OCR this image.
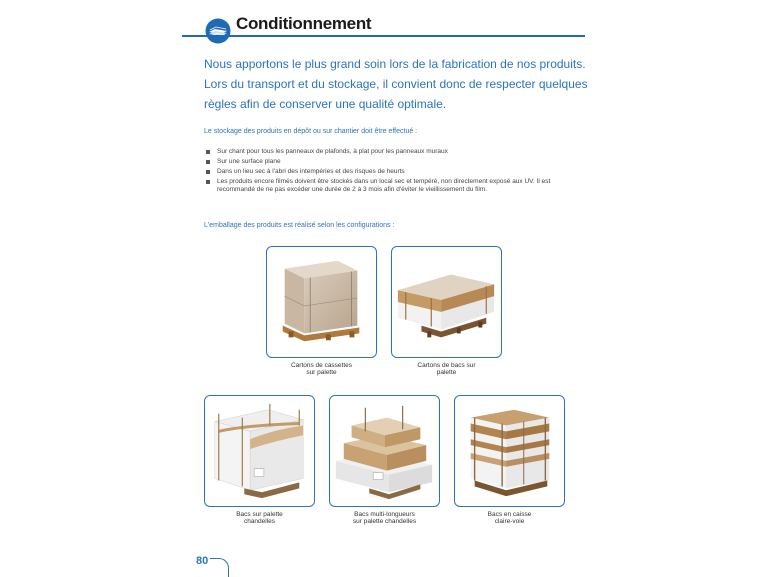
Conditionnement

Nous apportons le plus grand soin lors de la fabrication de nos produits.
Lors du transport et du stockage, il convient donc de respecter quelques
règles afin de conserver une qualité optimale.

Le stockage des produits en dépôt ou sur chantier doit être effectué :

Sur chant pour tous les panneaux de plafonds, à plat pour les panneaux muraux
Sur une surface plane
Dans un lieu sec à l'abri des intempéries et des risques de heurts
Les produits encore filmés doivent être stockés dans un local sec et tempéré, non directement exposé aux UV. Il est recommandé de ne pas excéder une durée de 2 à 3 mois afin d'éviter le vieillissement du film.

L'emballage des produits est réalisé selon les configurations :

Cartons de cassettes
sur palette

Cartons de bacs sur
palette

Bacs sur palette
chandelles

Bacs multi-longueurs
sur palette chandelles

Bacs en caisse
claire-voie

80
